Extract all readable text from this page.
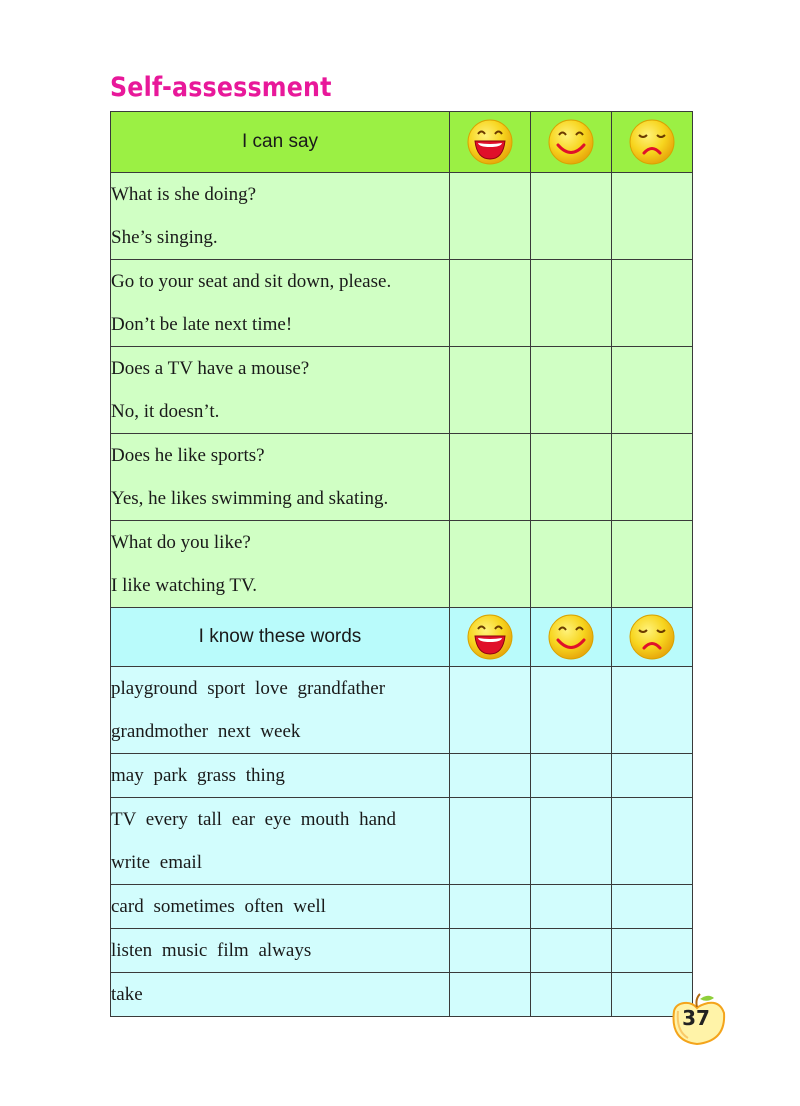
Self-assessment
I can say			

What is she doing?
She’s singing.			

Go to your seat and sit down, please.
Don’t be late next time!			

Does a TV have a mouse?
No, it doesn’t.			

Does he like sports?
Yes, he likes swimming and skating.			

What do you like?
I like watching TV.			

I know these words			

playground sport love grandfather
grandmother next week			

may park grass thing			

TV every tall ear eye mouth hand
write email			

card sometimes often well			

listen music film always			

take			

37
